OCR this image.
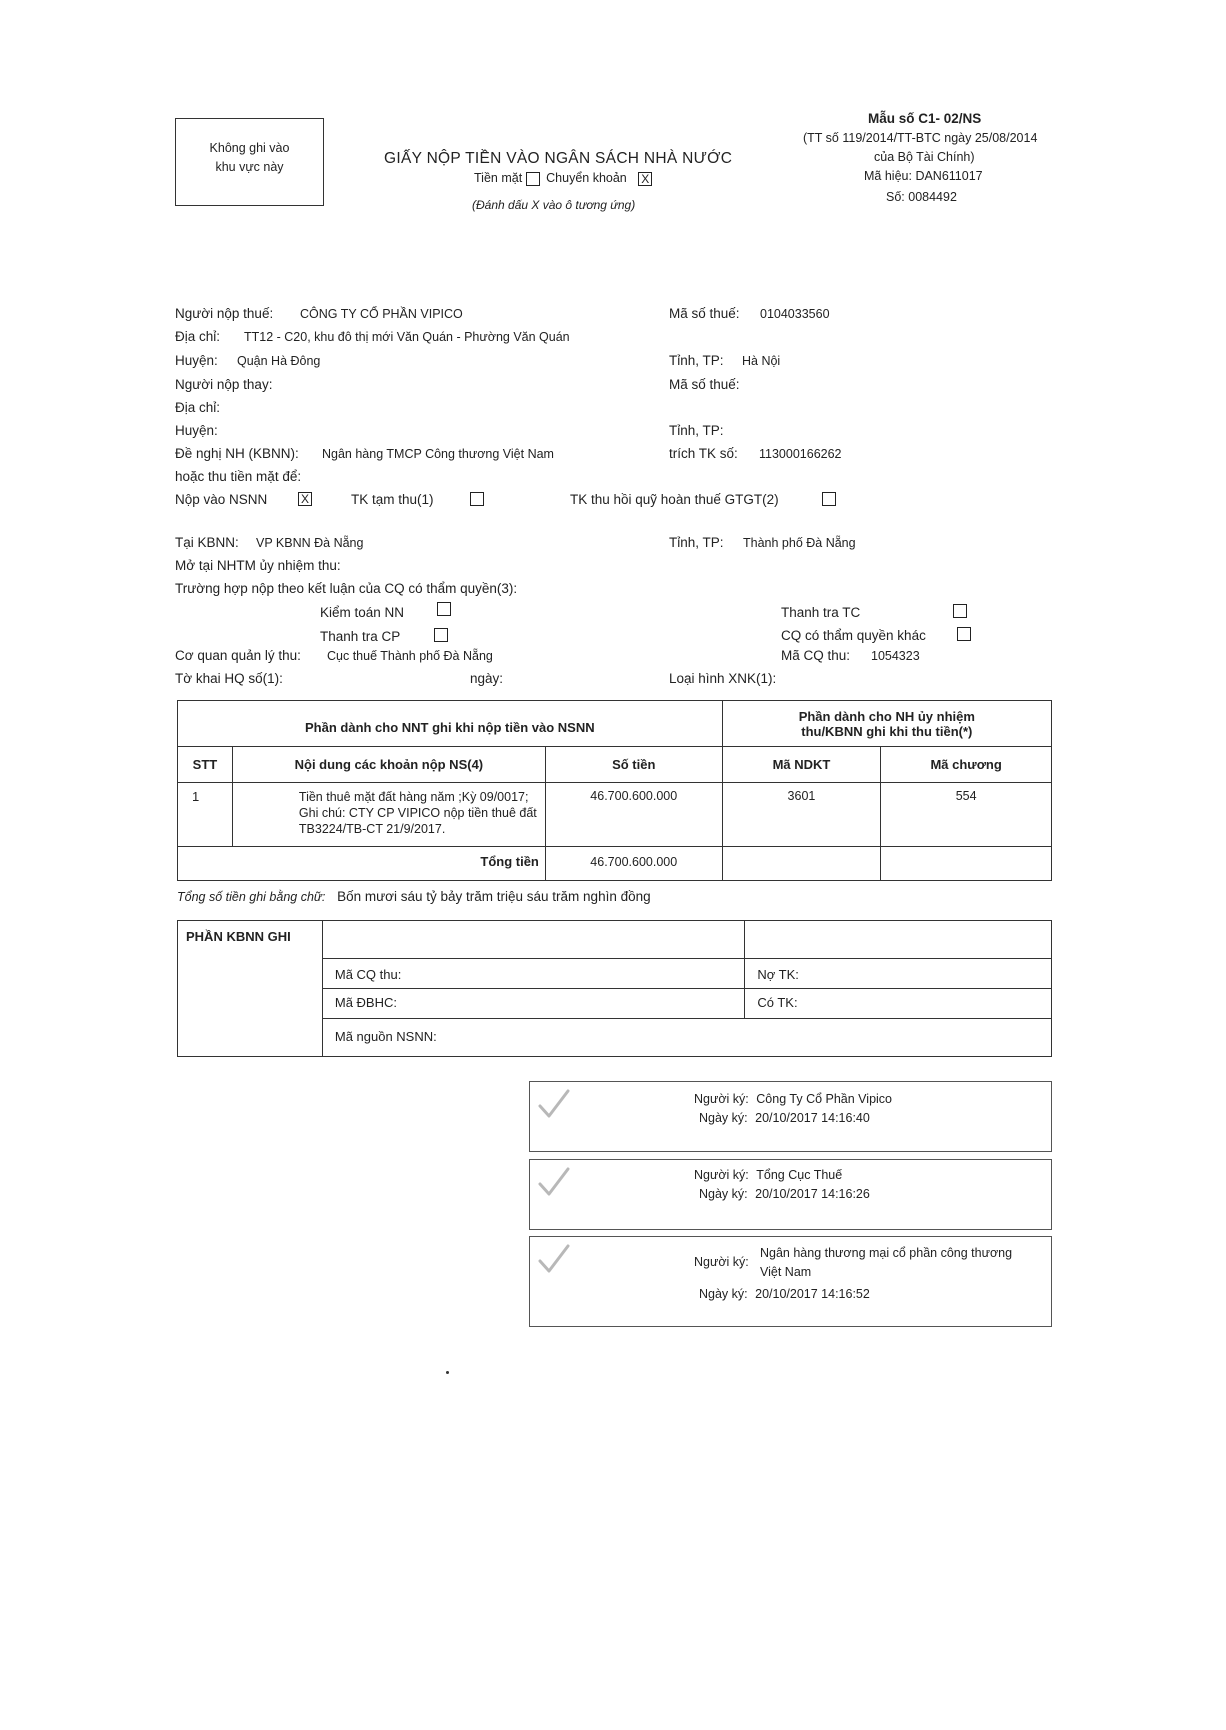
Không ghi vào
khu vực này	GIẤY NỘP TIỀN VÀO NGÂN SÁCH NHÀ NƯỚC
Tiền mặt Chuyển khoản X
(Đánh dấu X vào ô tương ứng)
Mẫu số C1- 02/NS
(TT số 119/2014/TT-BTC ngày 25/08/2014
của Bộ Tài Chính)
Mã hiệu: DAN611017
Số: 0084492
Người nộp thuế: CÔNG TY CỔ PHẦN VIPICO	Mã số thuế: 0104033560
Địa chỉ: TT12 - C20, khu đô thị mới Văn Quán - Phường Văn Quán
Huyện: Quận Hà Đông	Tỉnh, TP: Hà Nội
Người nộp thay:	Mã số thuế:
Địa chỉ:
Huyện:	Tỉnh, TP:
Đề nghị NH (KBNN): Ngân hàng TMCP Công thương Việt Nam	trích TK số: 113000166262
hoặc thu tiền mặt để:
Nộp vào NSNN	X	TK tạm thu(1)	TK thu hồi quỹ hoàn thuế GTGT(2)
Tại KBNN: VP KBNN Đà Nẵng	Tỉnh, TP: Thành phố Đà Nẵng
Mở tại NHTM ủy nhiệm thu:
Trường hợp nộp theo kết luận của CQ có thẩm quyền(3):
Kiểm toán NN	Thanh tra TC
Thanh tra CP	CQ có thẩm quyền khác
Cơ quan quản lý thu: Cục thuế Thành phố Đà Nẵng	Mã CQ thu: 1054323
Tờ khai HQ số(1):	ngày:	Loại hình XNK(1):
Phần dành cho NNT ghi khi nộp tiền vào NSNN			Phần dành cho NH ủy nhiệm
thu/KBNN ghi khi thu tiền(*)	

STT	Nội dung các khoản nộp NS(4)	Số tiền	Mã NDKT	Mã chương
1	Tiền thuê mặt đất hàng năm ;Kỳ 09/0017;
Ghi chú: CTY CP VIPICO nộp tiền thuê đất
TB3224/TB-CT 21/9/2017.	46.700.600.000	3601	554
Tổng tiền		46.700.600.000		
Tổng số tiền ghi bằng chữ: Bốn mươi sáu tỷ bảy trăm triệu sáu trăm nghìn đồng
PHẦN KBNN GHI		
	Mã CQ thu:	Nợ TK:
	Mã ĐBHC:	Có TK:
	Mã nguồn NSNN:	
Người ký: Công Ty Cổ Phần Vipico
Ngày ký: 20/10/2017 14:16:40
Người ký: Tổng Cục Thuế
Ngày ký: 20/10/2017 14:16:26
Người ký:
Ngân hàng thương mại cổ phần công thương
Việt Nam
Ngày ký: 20/10/2017 14:16:52
